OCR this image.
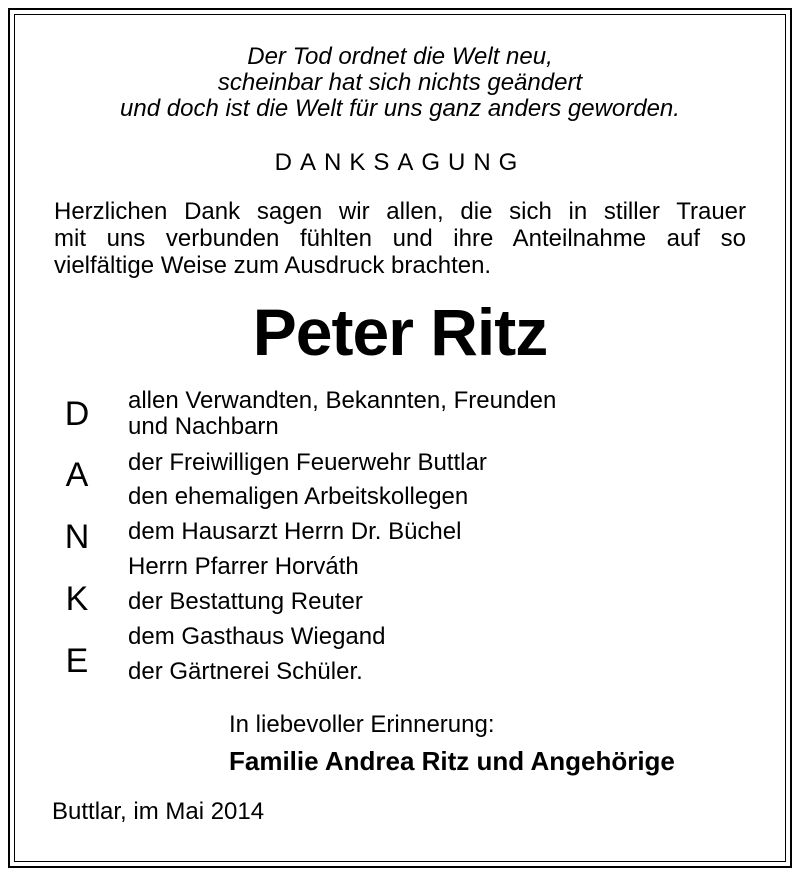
Der Tod ordnet die Welt neu,
scheinbar hat sich nichts geändert
und doch ist die Welt für uns ganz anders geworden.
DANKSAGUNG
Herzlichen Dank sagen wir allen, die sich in stiller Trauer
mit uns verbunden fühlten und ihre Anteilnahme auf so
vielfältige Weise zum Ausdruck brachten.
Peter Ritz
D
A
N
K
E
allen Verwandten, Bekannten, Freunden
und Nachbarn
der Freiwilligen Feuerwehr Buttlar
den ehemaligen Arbeitskollegen
dem Hausarzt Herrn Dr. Büchel
Herrn Pfarrer Horváth
der Bestattung Reuter
dem Gasthaus Wiegand
der Gärtnerei Schüler.
In liebevoller Erinnerung:
Familie Andrea Ritz und Angehörige
Buttlar, im Mai 2014
